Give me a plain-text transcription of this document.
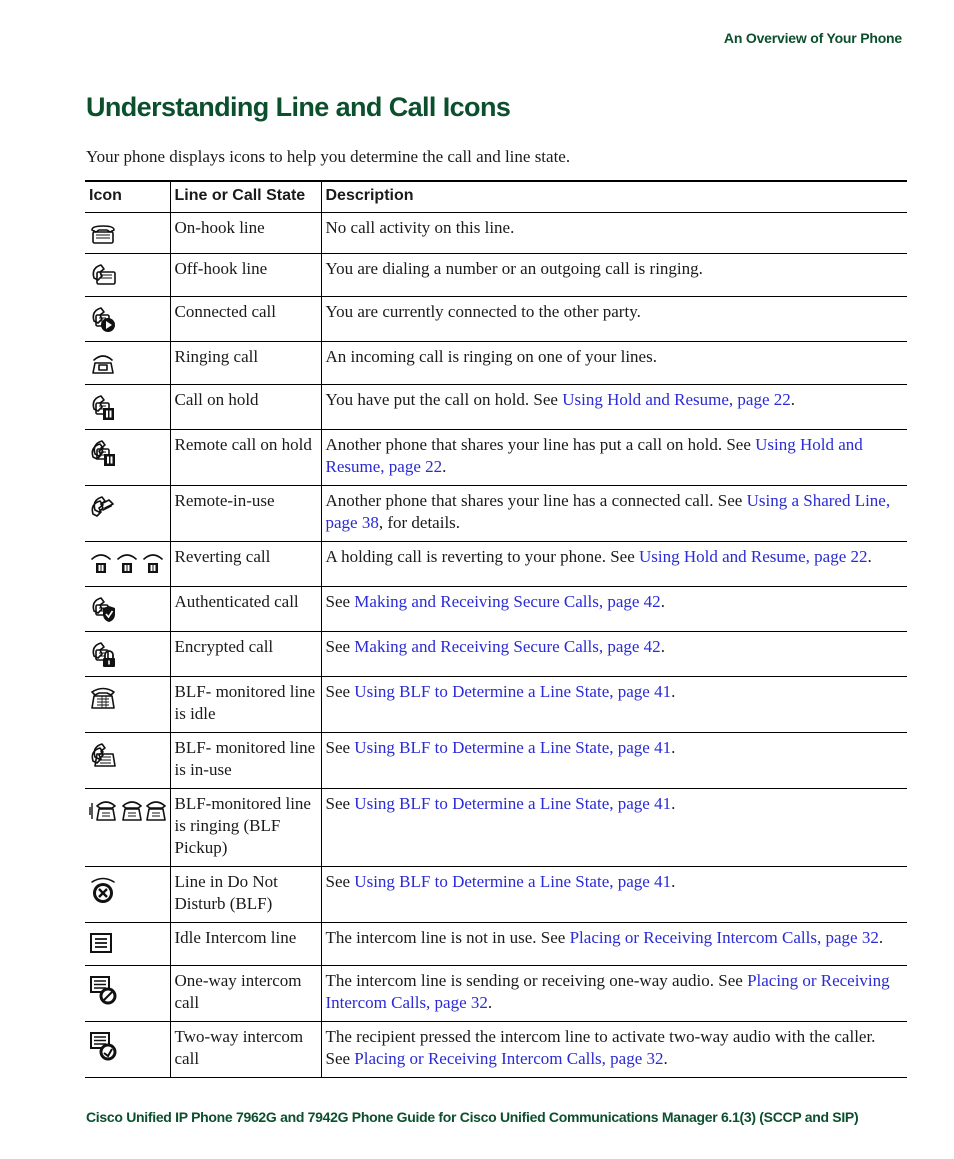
An Overview of Your Phone
Understanding Line and Call Icons

Your phone displays icons to help you determine the call and line state.

Icon	Line or Call State	Description

	On-hook line	No call activity on this line.

	Off-hook line	You are dialing a number or an outgoing call is ringing.

	Connected call	You are currently connected to the other party.

	Ringing call	An incoming call is ringing on one of your lines.

	Call on hold	You have put the call on hold. See Using Hold and Resume, page 22.

	Remote call on hold	Another phone that shares your line has put a call on hold. See Using Hold and Resume, page 22.

	Remote-in-use	Another phone that shares your line has a connected call. See Using a Shared Line, page 38, for details.

	Reverting call	A holding call is reverting to your phone. See Using Hold and Resume, page 22.

	Authenticated call	See Making and Receiving Secure Calls, page 42.

	Encrypted call	See Making and Receiving Secure Calls, page 42.

	BLF- monitored line is idle	See Using BLF to Determine a Line State, page 41.

	BLF- monitored line is in-use	See Using BLF to Determine a Line State, page 41.

	BLF-monitored line is ringing (BLF Pickup)	See Using BLF to Determine a Line State, page 41.

	Line in Do Not Disturb (BLF)	See Using BLF to Determine a Line State, page 41.

	Idle Intercom line	The intercom line is not in use. See Placing or Receiving Intercom Calls, page 32.

	One-way intercom call	The intercom line is sending or receiving one-way audio. See Placing or Receiving Intercom Calls, page 32.

	Two-way intercom call	The recipient pressed the intercom line to activate two-way audio with the caller. See Placing or Receiving Intercom Calls, page 32.
Cisco Unified IP Phone 7962G and 7942G Phone Guide for Cisco Unified Communications Manager 6.1(3) (SCCP and SIP)
